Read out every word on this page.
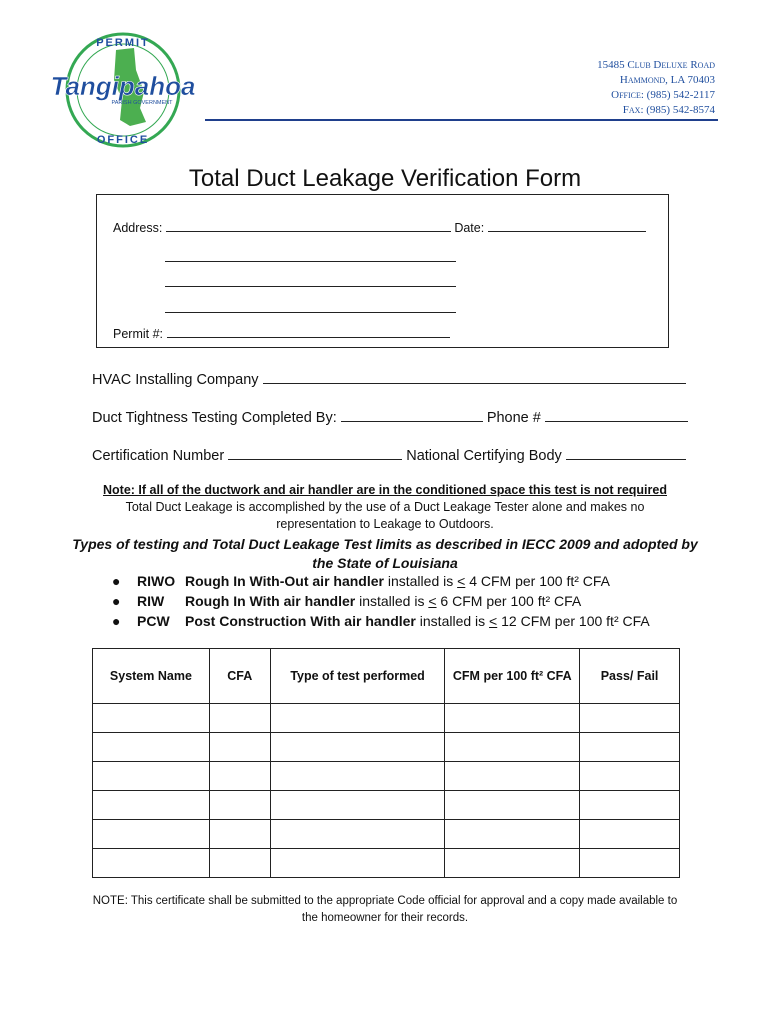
PERMIT
Tangipahoa
PARISH GOVERNMENT
OFFICE
15485 Club Deluxe Road
Hammond, LA 70403
Office: (985) 542-2117
Fax: (985) 542-8574
Total Duct Leakage Verification Form
Address:	Date:
Permit #:
HVAC Installing Company
Duct Tightness Testing Completed By:	Phone #
Certification Number	National Certifying Body
Note: If all of the ductwork and air handler are in the conditioned space this test is not required
Total Duct Leakage is accomplished by the use of a Duct Leakage Tester alone and makes no
representation to Leakage to Outdoors.
Types of testing and Total Duct Leakage Test limits as described in IECC 2009 and adopted by
the State of Louisiana
● RIWO Rough In With-Out air handler installed is ≤ 4 CFM per 100 ft² CFA
● RIW Rough In With air handler installed is ≤ 6 CFM per 100 ft² CFA
● PCW Post Construction With air handler installed is ≤ 12 CFM per 100 ft² CFA
System Name	CFA	Type of test performed	CFM per 100 ft² CFA	Pass/ Fail

NOTE: This certificate shall be submitted to the appropriate Code official for approval and a copy made available to
the homeowner for their records.
